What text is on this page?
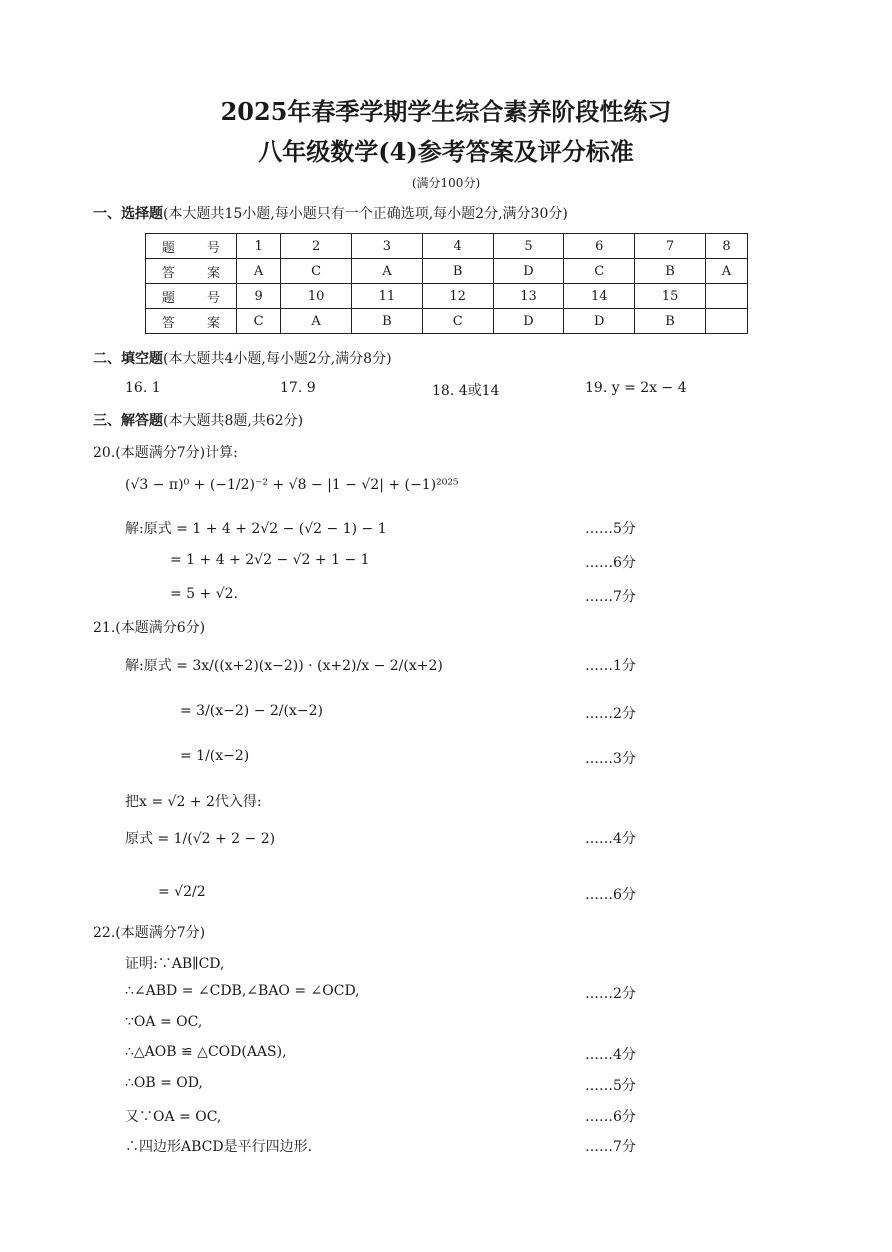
2025年春季学期学生综合素养阶段性练习
八年级数学(4)参考答案及评分标准
(满分100分)
一、选择题(本大题共15小题,每小题只有一个正确选项,每小题2分,满分30分)
题 号	1	2	3	4	5	6	7	8
答 案	A	C	A	B	D	C	B	A
题 号	9	10	11	12	13	14	15	
答 案	C	A	B	C	D	D	B	
二、填空题(本大题共4小题,每小题2分,满分8分)
16. 1	17. 9	18. 4或14	19. y = 2x − 4
三、解答题(本大题共8题,共62分)
20.(本题满分7分)计算:
(√3 − π)⁰ + (−1/2)⁻² + √8 − |1 − √2| + (−1)²⁰²⁵
解:原式 = 1 + 4 + 2√2 − (√2 − 1) − 1	……5分
= 1 + 4 + 2√2 − √2 + 1 − 1	……6分
= 5 + √2.	……7分
21.(本题满分6分)
解:原式 = 3x/((x+2)(x−2)) · (x+2)/x − 2/(x+2)	……1分
= 3/(x−2) − 2/(x−2)	……2分
= 1/(x−2)	……3分
把x = √2 + 2代入得:
原式 = 1/(√2 + 2 − 2)	……4分
= √2/2	……6分
22.(本题满分7分)
证明:∵AB∥CD,
∴∠ABD = ∠CDB,∠BAO = ∠OCD,	……2分
∵OA = OC,
∴△AOB ≌ △COD(AAS),	……4分
∴OB = OD,	……5分
又∵OA = OC,	……6分
∴四边形ABCD是平行四边形.	……7分
